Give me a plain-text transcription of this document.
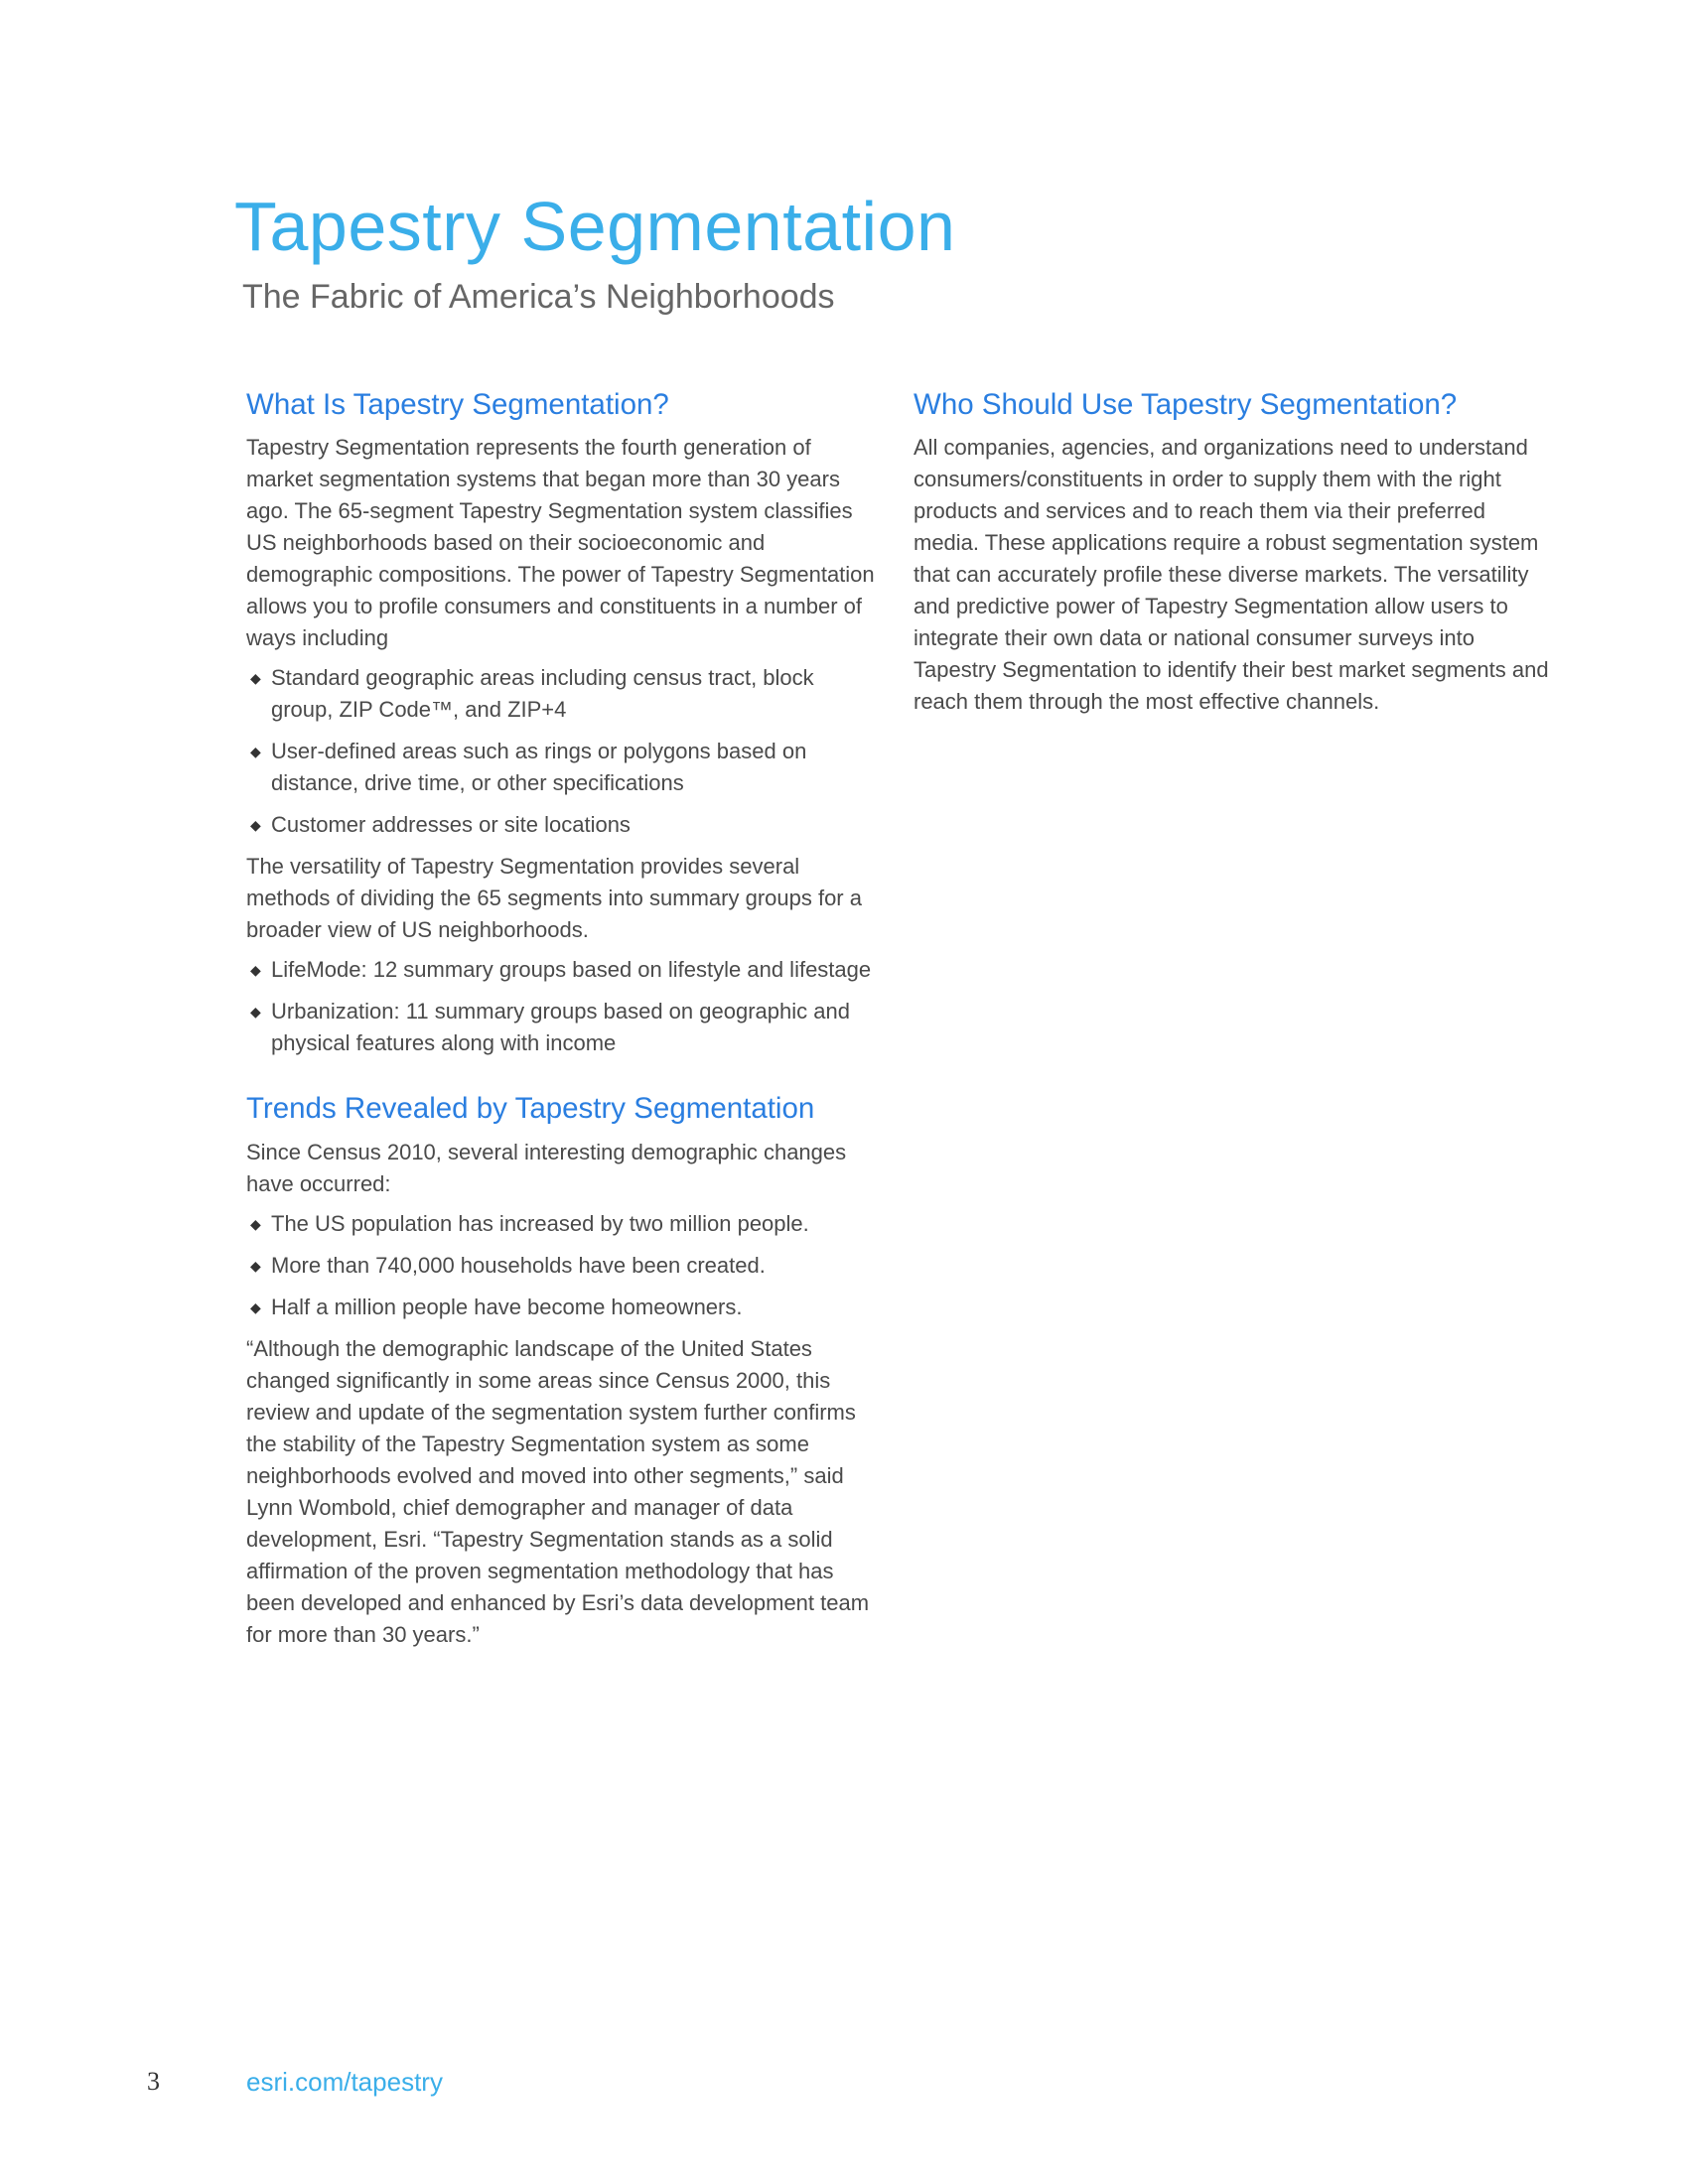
Tapestry Segmentation
The Fabric of America’s Neighborhoods
What Is Tapestry Segmentation?

Tapestry Segmentation represents the fourth generation of market segmentation systems that began more than 30 years ago. The 65-segment Tapestry Segmentation system classifies US neighborhoods based on their socioeconomic and demographic compositions. The power of Tapestry Segmentation allows you to profile consumers and constituents in a number of ways including

◆ Standard geographic areas including census tract, block group, ZIP Code™, and ZIP+4
◆ User-defined areas such as rings or polygons based on distance, drive time, or other specifications
◆ Customer addresses or site locations

The versatility of Tapestry Segmentation provides several methods of dividing the 65 segments into summary groups for a broader view of US neighborhoods.

◆ LifeMode: 12 summary groups based on lifestyle and lifestage
◆ Urbanization: 11 summary groups based on geographic and physical features along with income
Trends Revealed by Tapestry Segmentation

Since Census 2010, several interesting demographic changes have occurred:

◆ The US population has increased by two million people.
◆ More than 740,000 households have been created.
◆ Half a million people have become homeowners.

“Although the demographic landscape of the United States changed significantly in some areas since Census 2000, this review and update of the segmentation system further confirms the stability of the Tapestry Segmentation system as some neighborhoods evolved and moved into other segments,” said Lynn Wombold, chief demographer and manager of data development, Esri. “Tapestry Segmentation stands as a solid affirmation of the proven segmentation methodology that has been developed and enhanced by Esri’s data development team for more than 30 years.”

Who Should Use Tapestry Segmentation?

All companies, agencies, and organizations need to understand consumers/constituents in order to supply them with the right products and services and to reach them via their preferred media. These applications require a robust segmentation system that can accurately profile these diverse markets. The versatility and predictive power of Tapestry Segmentation allow users to integrate their own data or national consumer surveys into Tapestry Segmentation to identify their best market segments and reach them through the most effective channels.

3	esri.com/tapestry
